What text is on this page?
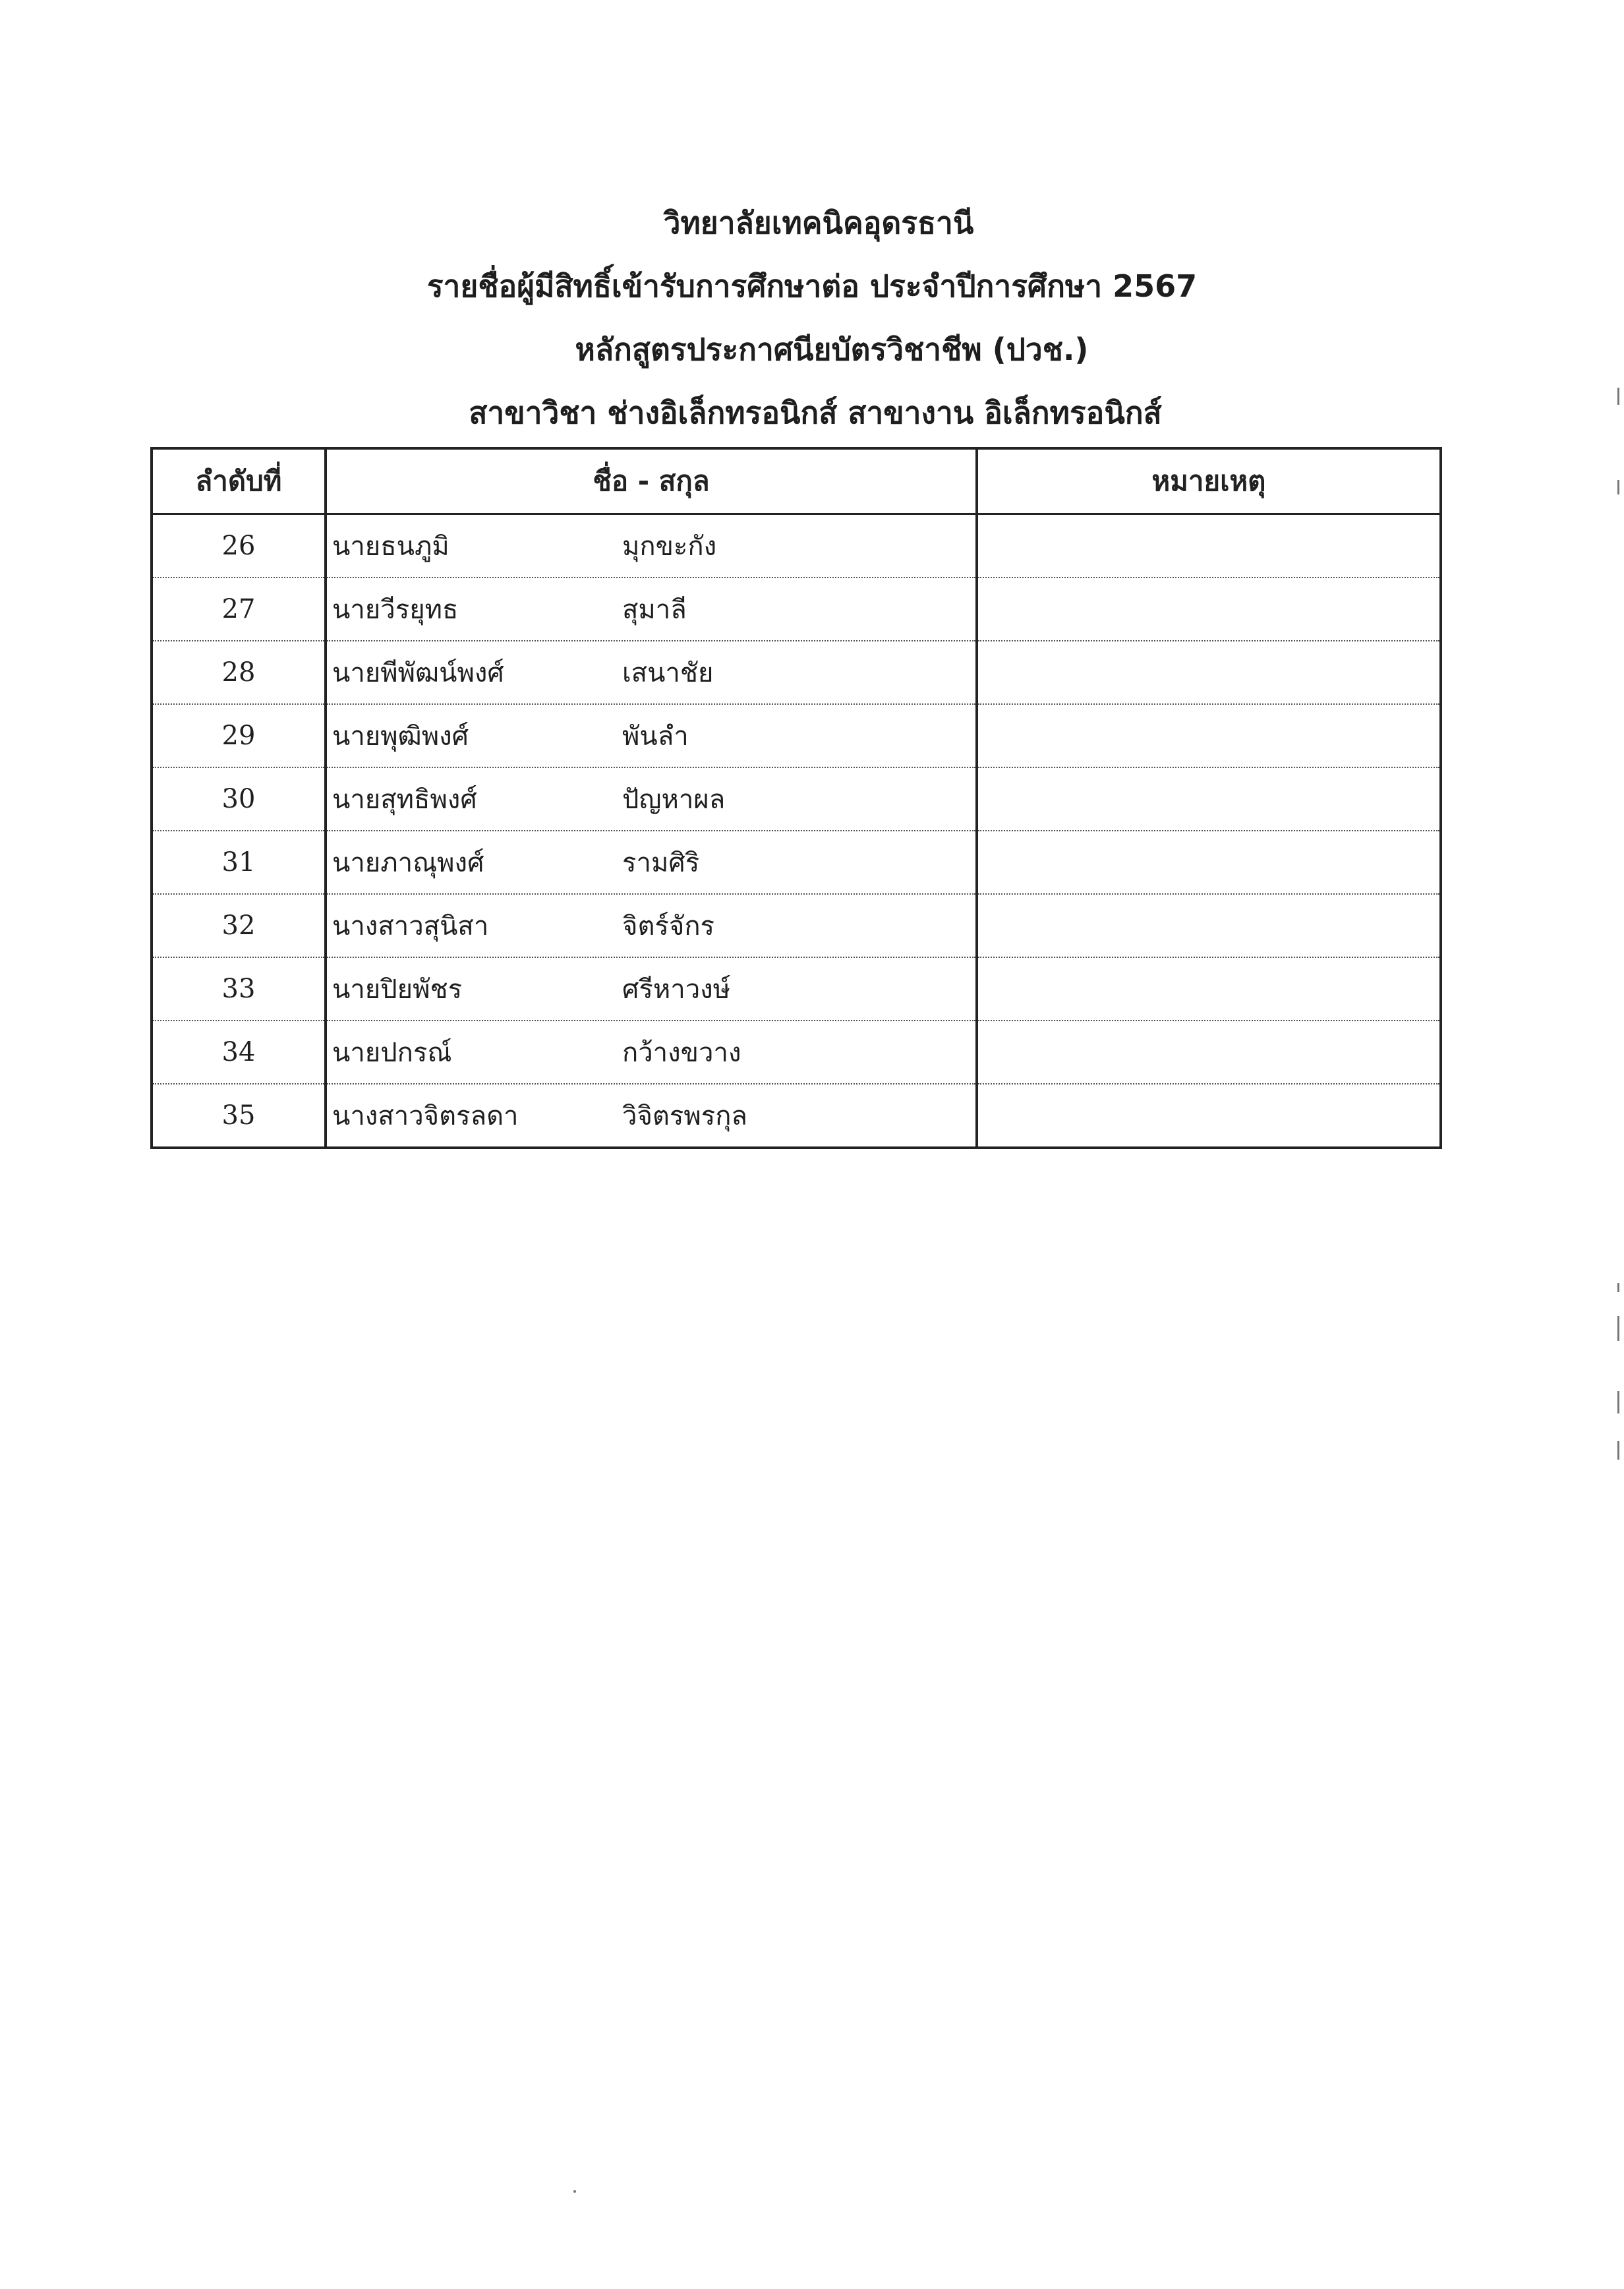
วิทยาลัยเทคนิคอุดรธานี
รายชื่อผู้มีสิทธิ์เข้ารับการศึกษาต่อ ประจำปีการศึกษา 2567
หลักสูตรประกาศนียบัตรวิชาชีพ (ปวช.)
สาขาวิชา ช่างอิเล็กทรอนิกส์ สาขางาน อิเล็กทรอนิกส์
ลำดับที่	ชื่อ - สกุล	หมายเหตุ
26	นายธนภูมิ มุกขะกัง	
27	นายวีรยุทธ สุมาลี	
28	นายพีพัฒน์พงศ์ เสนาชัย	
29	นายพุฒิพงศ์ พันลำ	
30	นายสุทธิพงศ์ ปัญหาผล	
31	นายภาณุพงศ์ รามศิริ	
32	นางสาวสุนิสา จิตร์จักร	
33	นายปิยพัชร ศรีหาวงษ์	
34	นายปกรณ์ กว้างขวาง	
35	นางสาวจิตรลดา วิจิตรพรกุล	
